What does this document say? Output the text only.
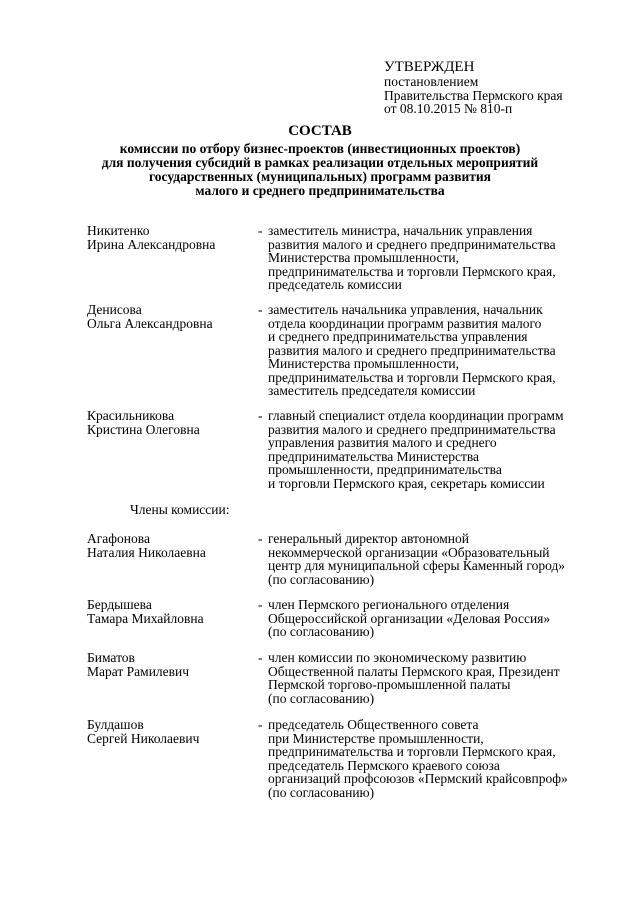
УТВЕРЖДЕН
постановлением
Правительства Пермского края
от 08.10.2015 № 810-п
СОСТАВ
комиссии по отбору бизнес-проектов (инвестиционных проектов)
для получения субсидий в рамках реализации отдельных мероприятий
государственных (муниципальных) программ развития
малого и среднего предпринимательства
Никитенко
Ирина Александровна
- заместитель министра, начальник управления
развития малого и среднего предпринимательства
Министерства промышленности,
предпринимательства и торговли Пермского края,
председатель комиссии
Денисова
Ольга Александровна
- заместитель начальника управления, начальник
отдела координации программ развития малого
и среднего предпринимательства управления
развития малого и среднего предпринимательства
Министерства промышленности,
предпринимательства и торговли Пермского края,
заместитель председателя комиссии
Красильникова
Кристина Олеговна
- главный специалист отдела координации программ
развития малого и среднего предпринимательства
управления развития малого и среднего
предпринимательства Министерства
промышленности, предпринимательства
и торговли Пермского края, секретарь комиссии
Члены комиссии:
Агафонова
Наталия Николаевна
- генеральный директор автономной
некоммерческой организации «Образовательный
центр для муниципальной сферы Каменный город»
(по согласованию)
Бердышева
Тамара Михайловна
- член Пермского регионального отделения
Общероссийской организации «Деловая Россия»
(по согласованию)
Биматов
Марат Рамилевич
- член комиссии по экономическому развитию
Общественной палаты Пермского края, Президент
Пермской торгово-промышленной палаты
(по согласованию)
Булдашов
Сергей Николаевич
- председатель Общественного совета
при Министерстве промышленности,
предпринимательства и торговли Пермского края,
председатель Пермского краевого союза
организаций профсоюзов «Пермский крайсовпроф»
(по согласованию)
